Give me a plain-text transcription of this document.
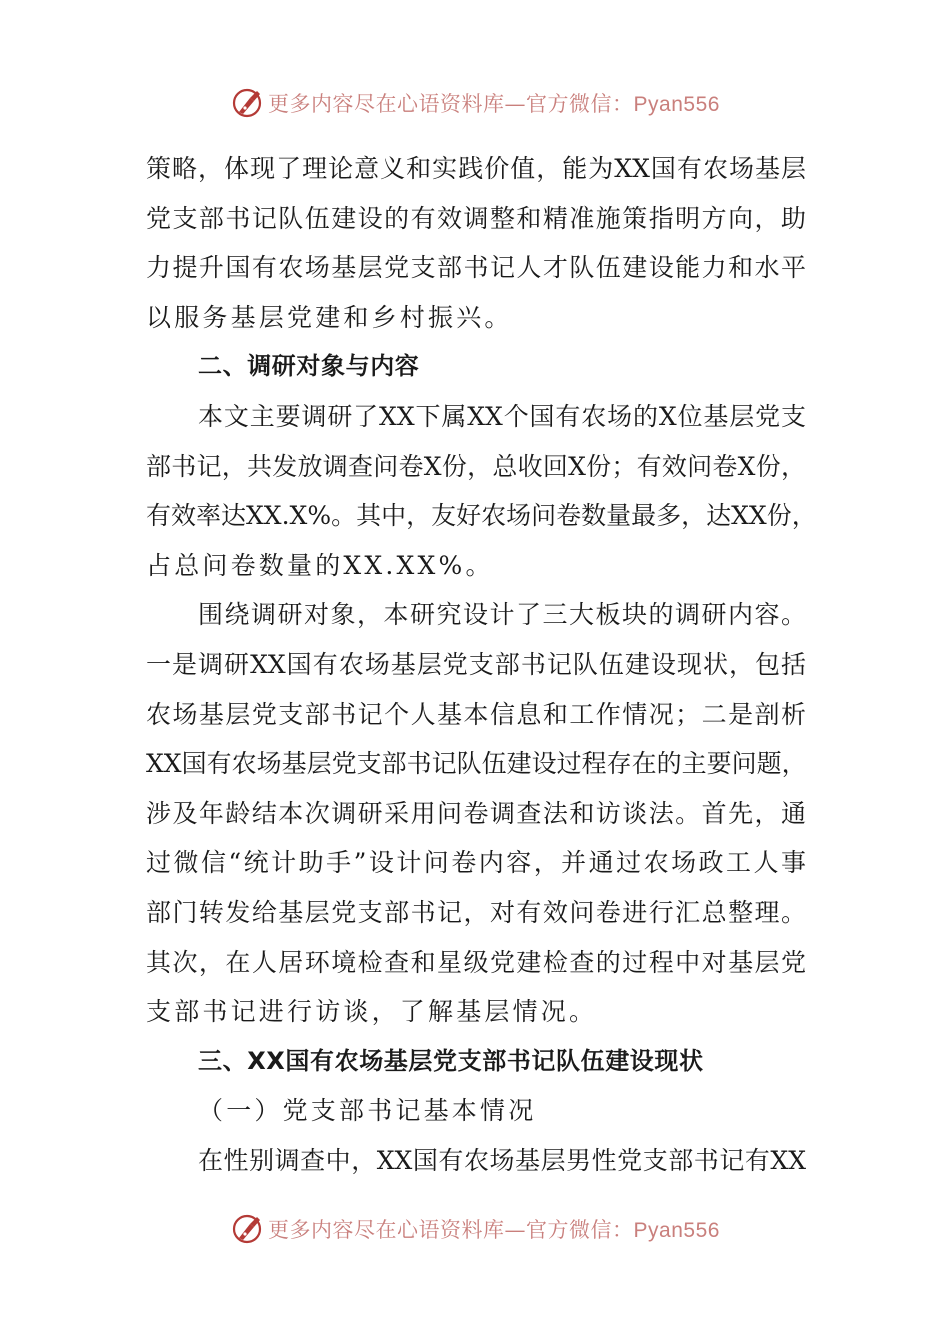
更多内容尽在心语资料库—官方微信：Pyan556
策略，体现了理论意义和实践价值，能为XX国有农场基层
党支部书记队伍建设的有效调整和精准施策指明方向，助
力提升国有农场基层党支部书记人才队伍建设能力和水平
以服务基层党建和乡村振兴。
二、调研对象与内容
本文主要调研了XX下属XX个国有农场的X位基层党支
部书记，共发放调查问卷X份，总收回X份；有效问卷X份，
有效率达XX.X%。其中，友好农场问卷数量最多，达XX份，
占总问卷数量的XX.XX%。
围绕调研对象，本研究设计了三大板块的调研内容。
一是调研XX国有农场基层党支部书记队伍建设现状，包括
农场基层党支部书记个人基本信息和工作情况；二是剖析
XX国有农场基层党支部书记队伍建设过程存在的主要问题，
涉及年龄结本次调研采用问卷调查法和访谈法。首先，通
过微信“统计助手”设计问卷内容，并通过农场政工人事
部门转发给基层党支部书记，对有效问卷进行汇总整理。
其次，在人居环境检查和星级党建检查的过程中对基层党
支部书记进行访谈，了解基层情况。
三、XX国有农场基层党支部书记队伍建设现状
（一）党支部书记基本情况
在性别调查中，XX国有农场基层男性党支部书记有XX
更多内容尽在心语资料库—官方微信：Pyan556
